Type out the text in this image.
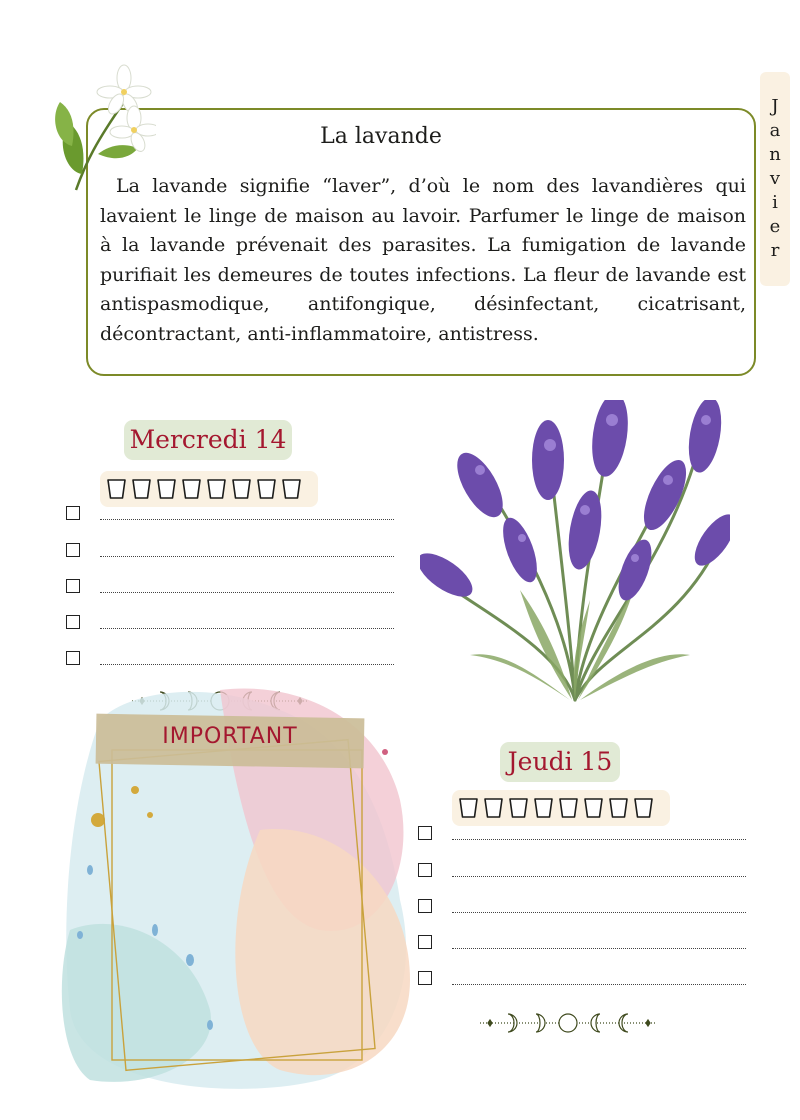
J
a
n
v
i
e
r
La lavande
La lavande signifie “laver”, d’où le nom des lavandières qui lavaient le linge de maison au lavoir. Parfumer le linge de maison à la lavande prévenait des parasites. La fumigation de lavande purifiait les demeures de toutes infections. La fleur de lavande est antispasmodique, antifongique, désinfectant, cicatrisant, décontractant, anti-inflammatoire, antistress.
Mercredi 14
IMPORTANT
Jeudi 15
